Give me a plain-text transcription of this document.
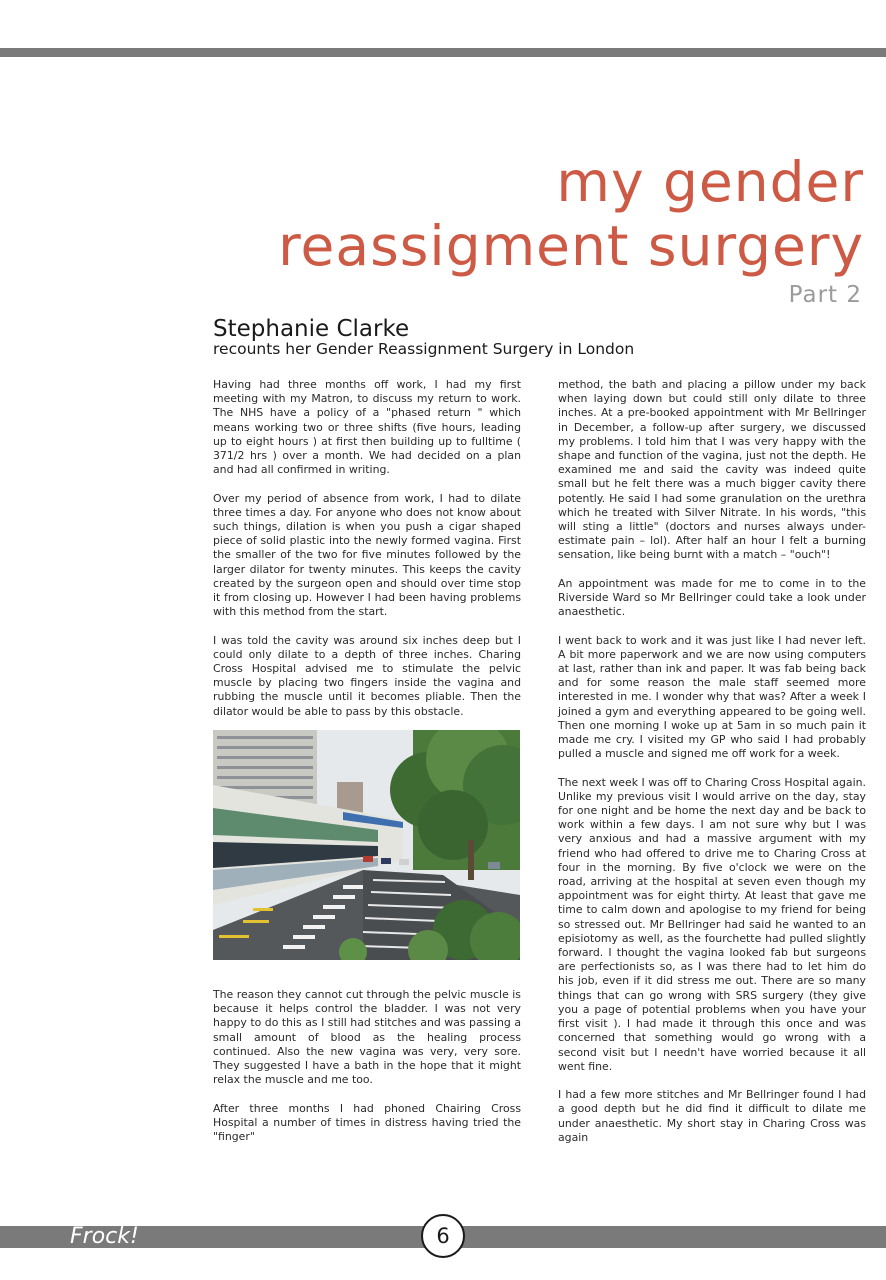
my gender
reassigment surgery
Part 2
Stephanie Clarke
recounts her Gender Reassignment Surgery in London

Having had three months off work, I had my first meeting with my Matron, to discuss my return to work. The NHS have a policy of a "phased return " which means working two or three shifts (five hours, leading up to eight hours ) at first then building up to fulltime ( 371/2 hrs ) over a month. We had decided on a plan and had all confirmed in writing.

Over my period of absence from work, I had to dilate three times a day. For anyone who does not know about such things, dilation is when you push a cigar shaped piece of solid plastic into the newly formed vagina. First the smaller of the two for five minutes followed by the larger dilator for twenty minutes. This keeps the cavity created by the surgeon open and should over time stop it from closing up. However I had been having problems with this method from the start.

I was told the cavity was around six inches deep but I could only dilate to a depth of three inches. Charing Cross Hospital advised me to stimulate the pelvic muscle by placing two fingers inside the vagina and rubbing the muscle until it becomes pliable. Then the dilator would be able to pass by this obstacle.

The reason they cannot cut through the pelvic muscle is because it helps control the bladder. I was not very happy to do this as I still had stitches and was passing a small amount of blood as the healing process continued. Also the new vagina was very, very sore. They suggested I have a bath in the hope that it might relax the muscle and me too.

After three months I had phoned Chairing Cross Hospital a number of times in distress having tried the "finger"

method, the bath and placing a pillow under my back when laying down but could still only dilate to three inches. At a pre-booked appointment with Mr Bellringer in December, a follow-up after surgery, we discussed my problems. I told him that I was very happy with the shape and function of the vagina, just not the depth. He examined me and said the cavity was indeed quite small but he felt there was a much bigger cavity there potently. He said I had some granulation on the urethra which he treated with Silver Nitrate. In his words, "this will sting a little" (doctors and nurses always under-estimate pain – lol). After half an hour I felt a burning sensation, like being burnt with a match – "ouch"!

An appointment was made for me to come in to the Riverside Ward so Mr Bellringer could take a look under anaesthetic.

I went back to work and it was just like I had never left. A bit more paperwork and we are now using computers at last, rather than ink and paper. It was fab being back and for some reason the male staff seemed more interested in me. I wonder why that was? After a week I joined a gym and everything appeared to be going well. Then one morning I woke up at 5am in so much pain it made me cry. I visited my GP who said I had probably pulled a muscle and signed me off work for a week.

The next week I was off to Charing Cross Hospital again. Unlike my previous visit I would arrive on the day, stay for one night and be home the next day and be back to work within a few days. I am not sure why but I was very anxious and had a massive argument with my friend who had offered to drive me to Charing Cross at four in the morning. By five o'clock we were on the road, arriving at the hospital at seven even though my appointment was for eight thirty. At least that gave me time to calm down and apologise to my friend for being so stressed out. Mr Bellringer had said he wanted to an episiotomy as well, as the fourchette had pulled slightly forward. I thought the vagina looked fab but surgeons are perfectionists so, as I was there had to let him do his job, even if it did stress me out. There are so many things that can go wrong with SRS surgery (they give you a page of potential problems when you have your first visit ). I had made it through this once and was concerned that something would go wrong with a second visit but I needn't have worried because it all went fine.

I had a few more stitches and Mr Bellringer found I had a good depth but he did find it difficult to dilate me under anaesthetic. My short stay in Charing Cross was again

Frock!	6
